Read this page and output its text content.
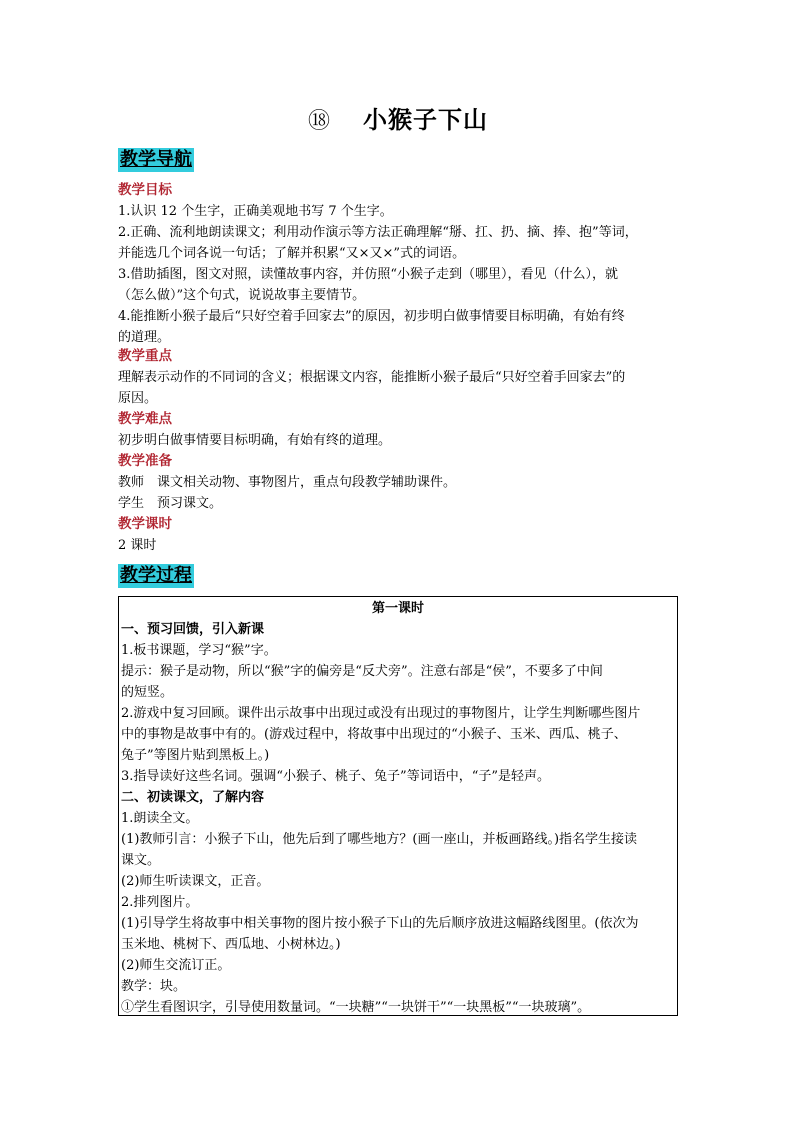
⑱ 小猴子下山
教学导航
教学目标
1.认识 12 个生字，正确美观地书写 7 个生字。
2.正确、流利地朗读课文；利用动作演示等方法正确理解“掰、扛、扔、摘、捧、抱”等词，
并能选几个词各说一句话；了解并积累“又×又×”式的词语。
3.借助插图，图文对照，读懂故事内容，并仿照“小猴子走到（哪里），看见（什么），就
（怎么做）”这个句式，说说故事主要情节。
4.能推断小猴子最后“只好空着手回家去”的原因，初步明白做事情要目标明确，有始有终
的道理。
教学重点
理解表示动作的不同词的含义；根据课文内容，能推断小猴子最后“只好空着手回家去”的
原因。
教学难点
初步明白做事情要目标明确，有始有终的道理。
教学准备
教师　课文相关动物、事物图片，重点句段教学辅助课件。
学生　预习课文。
教学课时
2 课时
教学过程
第一课时
一、预习回馈，引入新课
1.板书课题，学习“猴”字。
提示：猴子是动物，所以“猴”字的偏旁是“反犬旁”。注意右部是“侯”，不要多了中间
的短竖。
2.游戏中复习回顾。课件出示故事中出现过或没有出现过的事物图片，让学生判断哪些图片
中的事物是故事中有的。(游戏过程中，将故事中出现过的“小猴子、玉米、西瓜、桃子、
兔子”等图片贴到黑板上。)
3.指导读好这些名词。强调“小猴子、桃子、兔子”等词语中，“子”是轻声。
二、初读课文，了解内容
1.朗读全文。
(1)教师引言：小猴子下山，他先后到了哪些地方？(画一座山，并板画路线。)指名学生接读
课文。
(2)师生听读课文，正音。
2.排列图片。
(1)引导学生将故事中相关事物的图片按小猴子下山的先后顺序放进这幅路线图里。(依次为
玉米地、桃树下、西瓜地、小树林边。)
(2)师生交流订正。
教学：块。
①学生看图识字，引导使用数量词。“一块糖”“一块饼干”“一块黑板”“一块玻璃”。
